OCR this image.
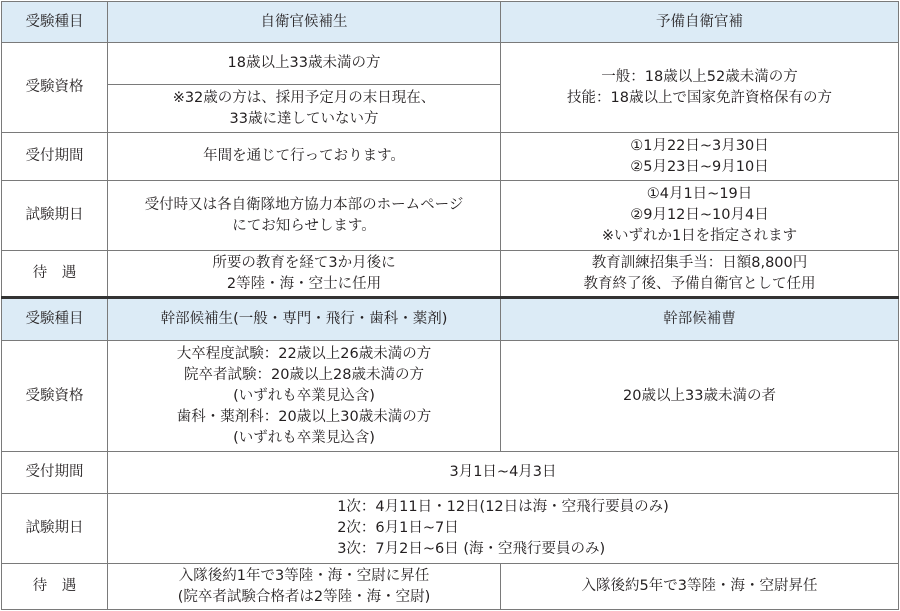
受験種目	自衛官候補生	予備自衛官補
受験資格	18歳以上33歳未満の方	一般：18歳以上52歳未満の方
技能：18歳以上で国家免許資格保有の方

	※32歳の方は、採用予定月の末日現在、
33歳に達していない方	

受付期間	年間を通じて行っております。	①1月22日~3月30日
②5月23日~9月10日

試験期日	受付時又は各自衛隊地方協力本部のホームページ
にてお知らせします。	①4月1日~19日
②9月12日~10月4日
※いずれか1日を指定されます

待　遇	所要の教育を経て3か月後に
2等陸・海・空士に任用	教育訓練招集手当：日額8,800円
教育終了後、予備自衛官として任用

受験種目	幹部候補生(一般・専門・飛行・歯科・薬剤)	幹部候補曹
受験資格	大卒程度試験：22歳以上26歳未満の方
院卒者試験：20歳以上28歳未満の方
(いずれも卒業見込含)
歯科・薬剤科：20歳以上30歳未満の方
(いずれも卒業見込含)	20歳以上33歳未満の者
受付期間	3月1日~4月3日	
試験期日	1次：4月11日・12日(12日は海・空飛行要員のみ)
2次：6月1日~7日
3次：7月2日~6日 (海・空飛行要員のみ)	

待　遇	入隊後約1年で3等陸・海・空尉に昇任
(院卒者試験合格者は2等陸・海・空尉)	入隊後約5年で3等陸・海・空尉昇任
